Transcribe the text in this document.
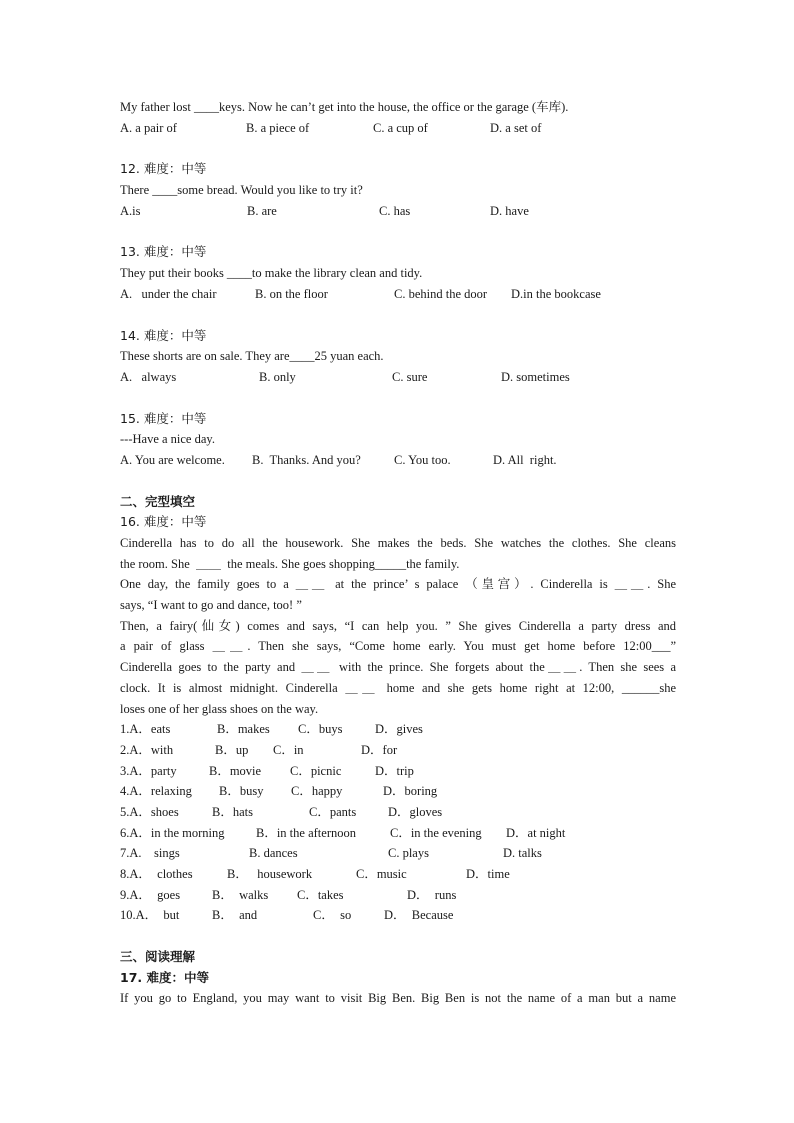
My father lost ____keys. Now he can’t get into the house, the office or the garage (车库).
A. a pair of	B. a piece of	C. a cup of	D. a set of
12. 难度：中等
There ____some bread. Would you like to try it?
A.is	B. are	C. has	D. have
13. 难度：中等
They put their books ____to make the library clean and tidy.
A.   under the chair	B. on the floor	C. behind the door D.in the bookcase
14. 难度：中等
These shorts are on sale. They are____25 yuan each.
A.   always	B. only	C. sure	D. sometimes
15. 难度：中等
---Have a nice day.
A. You are welcome. B.  Thanks. And you?	C. You too.	D. All  right.
二、完型填空
16. 难度：中等
Cinderella has to do all the housework. She makes the beds. She watches the clothes. She cleans
the room. She  ＿＿  the meals. She goes shopping_____the family.
One day, the family goes to a ＿＿ at the prince’ s palace （皇宫）. Cinderella is ＿＿. She
says, “I want to go and dance, too! ”
Then, a fairy(仙女) comes and says, “I can help you. ” She gives Cinderella a party dress and
a pair of glass ＿＿. Then she says, “Come home early. You must get home before 12:00___”
Cinderella goes to the party and ＿＿ with the prince. She forgets about the＿＿. Then she sees a
clock. It is almost midnight. Cinderella ＿＿ home and she gets home right at 12:00, ______she
loses one of her glass shoes on the way.
1.A．eats	B．makes C．buys	D．gives
2.A．with	B．up C．in	D．for
3.A．party	B．movie C．picnic	D．trip
4.A．relaxing B．busy C．happy	D．boring
5.A．shoes	B．hats	C．pants	D．gloves
6.A．in the morning	B．in the afternoon	C．in the evening D．at night
7.A.    sings	B. dances	C. plays	D. talks
8.A．  clothes	B．   housework	C．music	D．time
9.A．  goes	B．  walks C．takes	D．  runs
10.A．  but	B．  and	C．  so	D．  Because
三、阅读理解
17. 难度：中等
If you go to England, you may want to visit Big Ben. Big Ben is not the name of a man but a name
